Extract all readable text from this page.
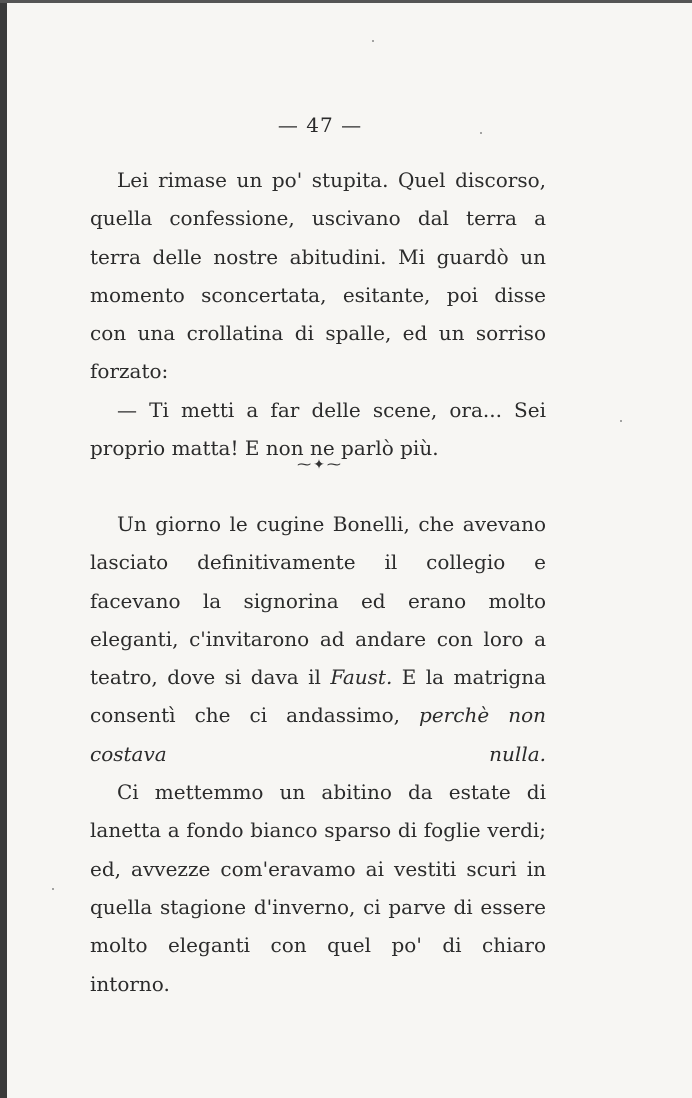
— 47 —

Lei rimase un po' stupita. Quel discorso, quella confessione, uscivano dal terra a terra delle nostre abitudini. Mi guardò un momento sconcertata, esitante, poi disse con una crollatina di spalle, ed un sorriso forzato:

— Ti metti a far delle scene, ora... Sei proprio matta! E non ne parlò più.

⁓✦⁓

Un giorno le cugine Bonelli, che avevano lasciato definitivamente il collegio e facevano la signorina ed erano molto eleganti, c'invitarono ad andare con loro a teatro, dove si dava il Faust. E la matrigna consentì che ci andassimo, perchè non costava nulla.

Ci mettemmo un abitino da estate di lanetta a fondo bianco sparso di foglie verdi; ed, avvezze com'eravamo ai vestiti scuri in quella stagione d'inverno, ci parve di essere molto eleganti con quel po' di chiaro intorno.
